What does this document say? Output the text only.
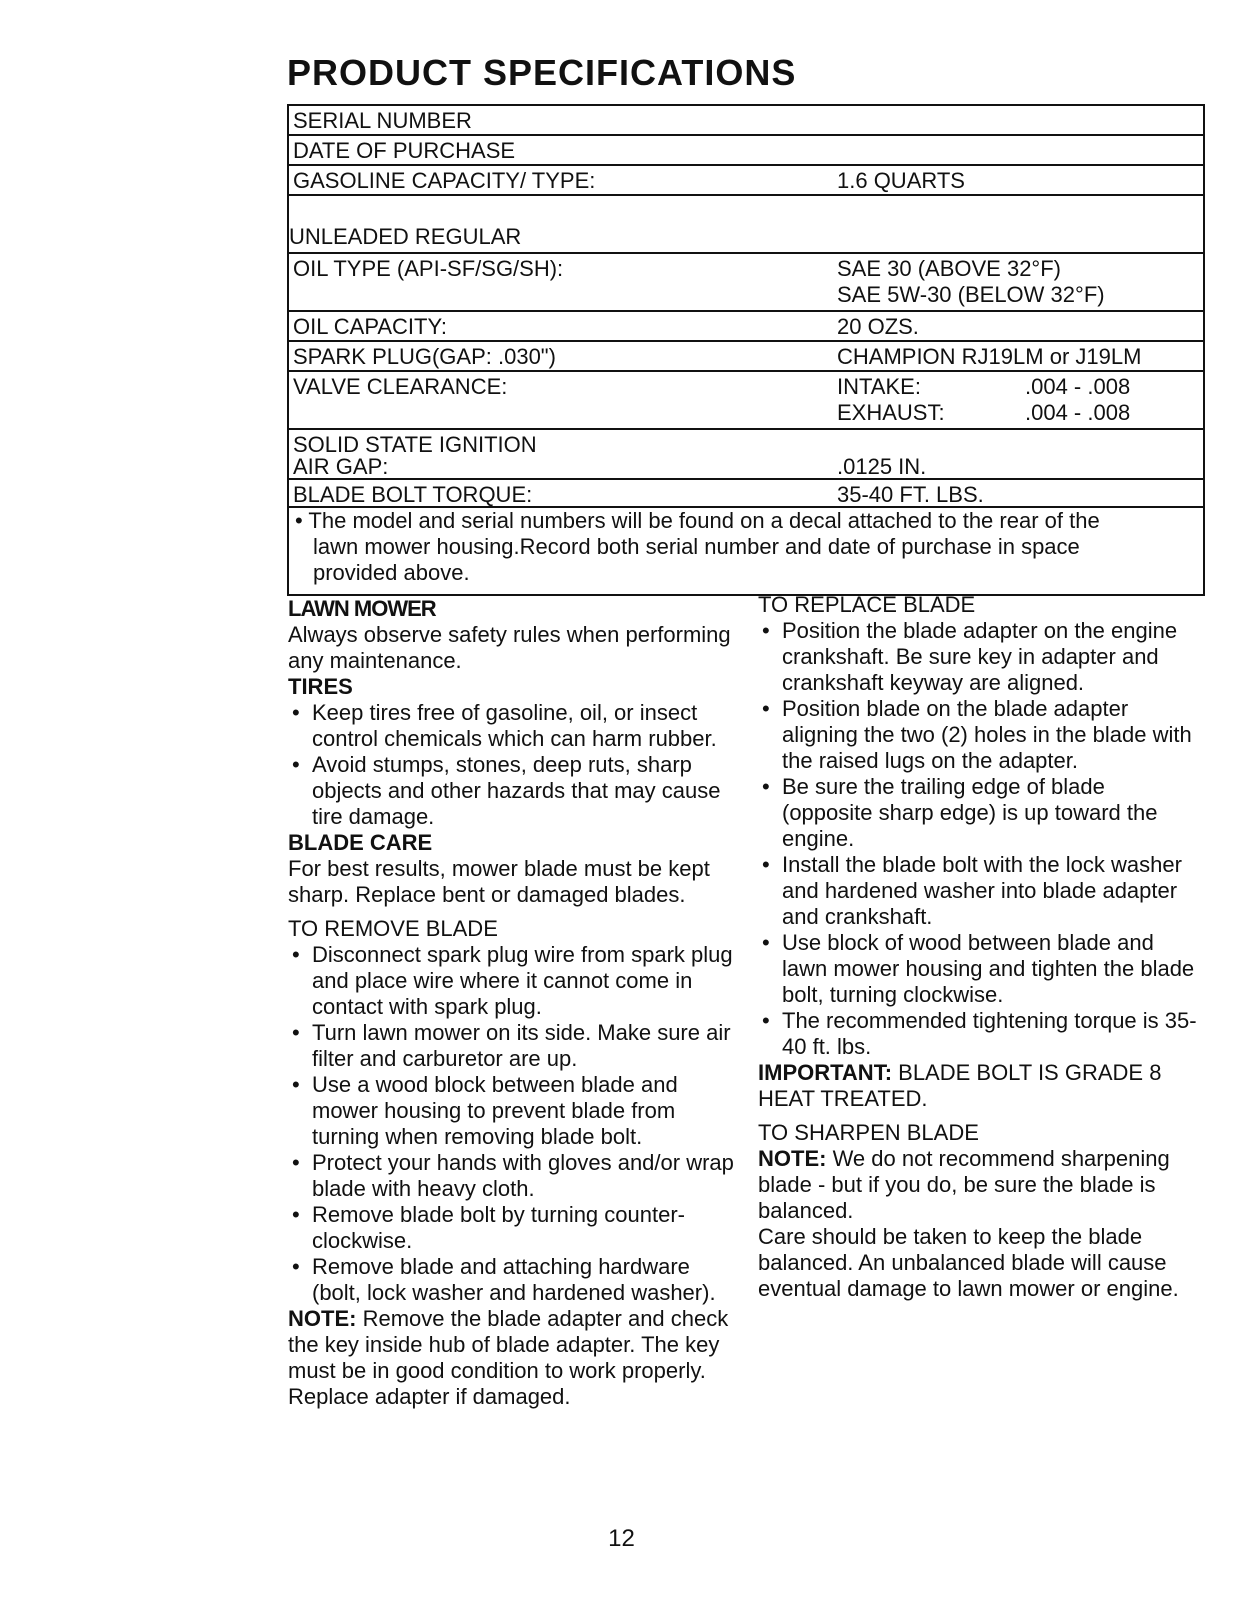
PRODUCT SPECIFICATIONS
SERIAL NUMBER
DATE OF PURCHASE
GASOLINE CAPACITY/ TYPE:	1.6 QUARTS
UNLEADED REGULAR
OIL TYPE (API-SF/SG/SH):	SAE 30 (ABOVE 32°F)
SAE 5W-30 (BELOW 32°F)
OIL CAPACITY:	20 OZS.
SPARK PLUG(GAP: .030")	CHAMPION RJ19LM or J19LM
VALVE CLEARANCE:	INTAKE:	.004 - .008
EXHAUST:	.004 - .008
SOLID STATE IGNITION
AIR GAP:	.0125 IN.
BLADE BOLT TORQUE:	35-40 FT. LBS.
• The model and serial numbers will be found on a decal attached to the rear of the
lawn mower housing.Record both serial number and date of purchase in space
provided above.

LAWN MOWER

Always observe safety rules when performing any maintenance.

TIRES

• Keep tires free of gasoline, oil, or insect control chemicals which can harm rubber.
• Avoid stumps, stones, deep ruts, sharp objects and other hazards that may cause tire damage.

BLADE CARE

For best results, mower blade must be kept sharp. Replace bent or damaged blades.

TO REMOVE BLADE

• Disconnect spark plug wire from spark plug and place wire where it cannot come in contact with spark plug.
• Turn lawn mower on its side. Make sure air filter and carburetor are up.
• Use a wood block between blade and mower housing to prevent blade from turning when removing blade bolt.
• Protect your hands with gloves and/or wrap blade with heavy cloth.
• Remove blade bolt by turning counter-clockwise.
• Remove blade and attaching hardware (bolt, lock washer and hardened washer).

NOTE: Remove the blade adapter and check the key inside hub of blade adapter. The key must be in good condition to work properly. Replace adapter if damaged.

TO REPLACE BLADE

• Position the blade adapter on the engine crankshaft. Be sure key in adapter and crankshaft keyway are aligned.
• Position blade on the blade adapter aligning the two (2) holes in the blade with the raised lugs on the adapter.
• Be sure the trailing edge of blade (opposite sharp edge) is up toward the engine.
• Install the blade bolt with the lock washer and hardened washer into blade adapter and crankshaft.
• Use block of wood between blade and lawn mower housing and tighten the blade bolt, turning clockwise.
• The recommended tightening torque is 35-40 ft. lbs.

IMPORTANT: BLADE BOLT IS GRADE 8 HEAT TREATED.

TO SHARPEN BLADE

NOTE: We do not recommend sharpening blade - but if you do, be sure the blade is balanced.

Care should be taken to keep the blade balanced. An unbalanced blade will cause eventual damage to lawn mower or engine.

12
